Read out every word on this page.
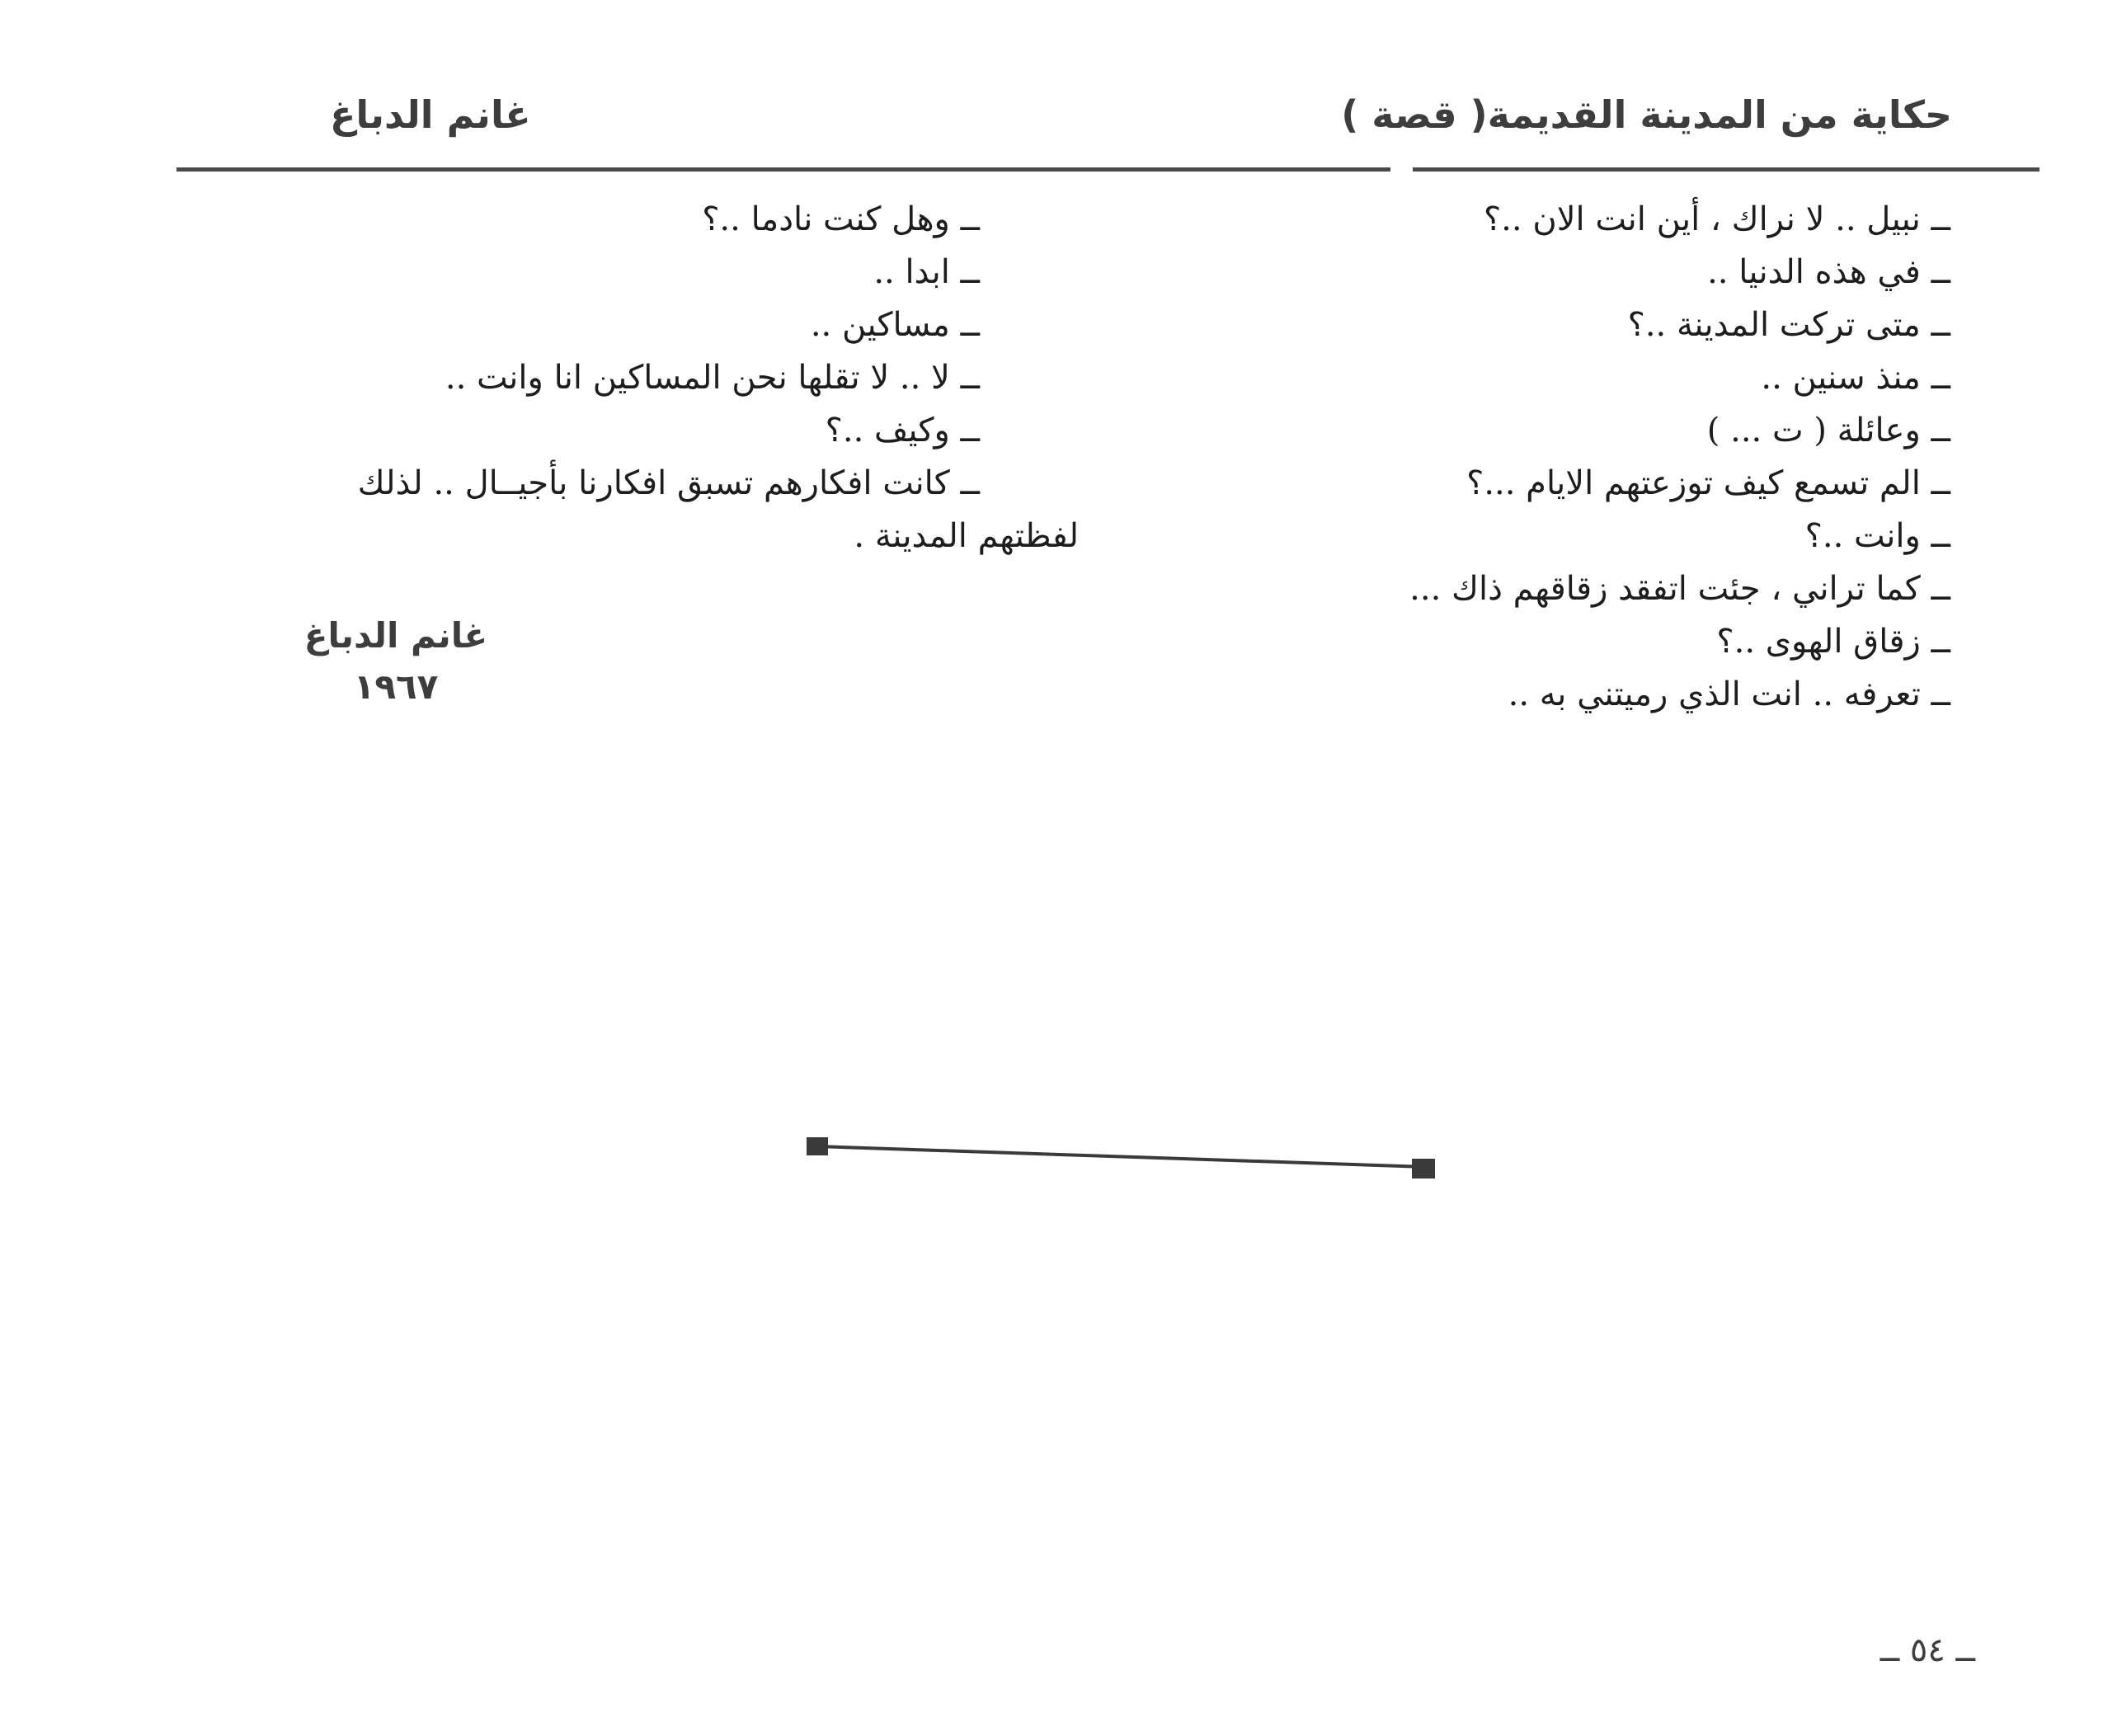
حكاية من المدينة القديمة( قصة )
غانم الدباغ
ــ نبيل .. لا نراك ، أين انت الان ..؟
ــ في هذه الدنيا ..
ــ متى تركت المدينة ..؟
ــ منذ سنين ..
ــ وعائلة ( ت ... )
ــ الم تسمع كيف توزعتهم الايام ...؟
ــ وانت ..؟
ــ كما تراني ، جئت اتفقد زقاقهم ذاك ...
ــ زقاق الهوى ..؟
ــ تعرفه .. انت الذي رميتني به ..
ــ وهل كنت نادما ..؟
ــ ابدا ..
ــ مساكين ..
ــ لا .. لا تقلها نحن المساكين انا وانت ..
ــ وكيف ..؟
ــ كانت افكارهم تسبق افكارنا بأجيــال .. لذلك
لفظتهم المدينة .
غانم الدباغ
١٩٦٧
ــ ٥٤ ــ
